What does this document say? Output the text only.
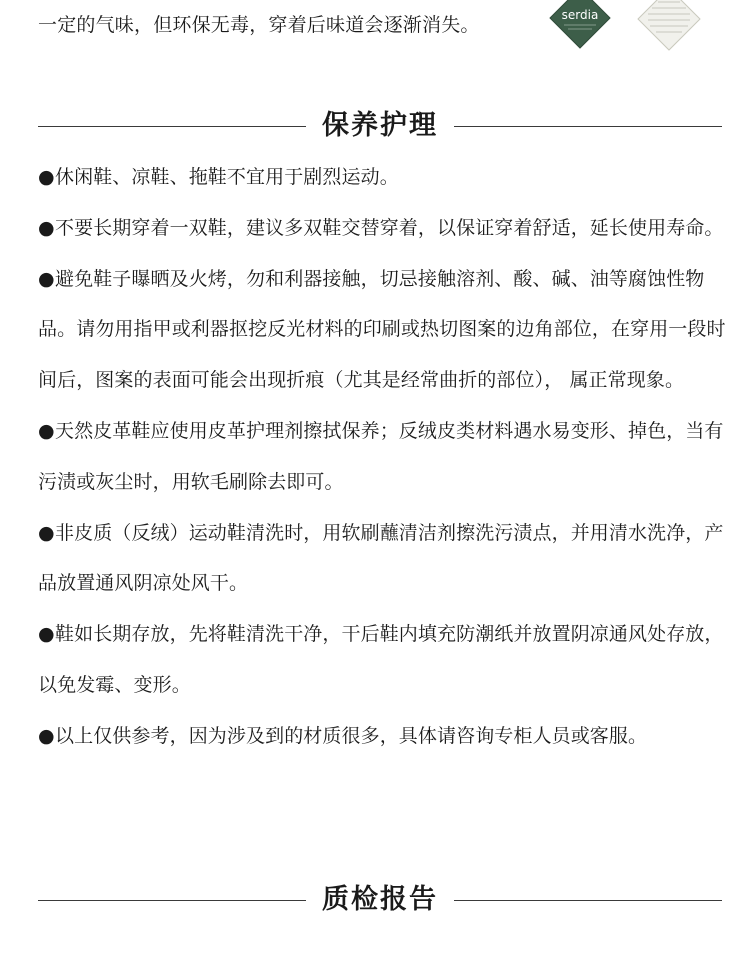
一定的气味，但环保无毒，穿着后味道会逐渐消失。	serdia
保养护理

●休闲鞋、凉鞋、拖鞋不宜用于剧烈运动。

●不要长期穿着一双鞋，建议多双鞋交替穿着，以保证穿着舒适，延长使用寿命。

●避免鞋子曝晒及火烤，勿和利器接触，切忌接触溶剂、酸、碱、油等腐蚀性物品。请勿用指甲或利器抠挖反光材料的印刷或热切图案的边角部位，在穿用一段时间后，图案的表面可能会出现折痕（尤其是经常曲折的部位）， 属正常现象。

●天然皮革鞋应使用皮革护理剂擦拭保养；反绒皮类材料遇水易变形、掉色，当有污渍或灰尘时，用软毛刷除去即可。

●非皮质（反绒）运动鞋清洗时，用软刷蘸清洁剂擦洗污渍点，并用清水洗净，产品放置通风阴凉处风干。

●鞋如长期存放，先将鞋清洗干净，干后鞋内填充防潮纸并放置阴凉通风处存放，以免发霉、变形。

●以上仅供参考，因为涉及到的材质很多，具体请咨询专柜人员或客服。

质检报告
